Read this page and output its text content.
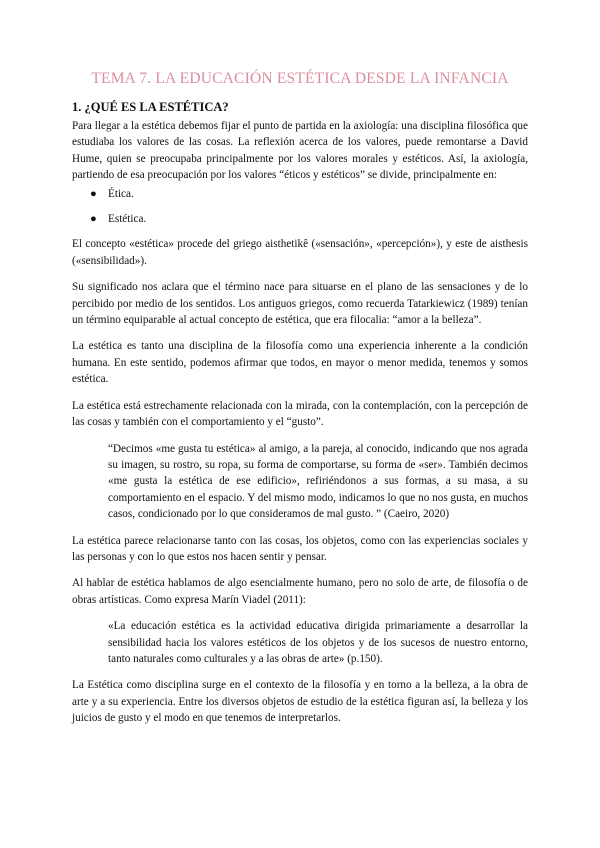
TEMA 7. LA EDUCACIÓN ESTÉTICA DESDE LA INFANCIA
1. ¿QUÉ ES LA ESTÉTICA?

Para llegar a la estética debemos fijar el punto de partida en la axiología: una disciplina filosófica que estudiaba los valores de las cosas. La reflexión acerca de los valores, puede remontarse a David Hume, quien se preocupaba principalmente por los valores morales y estéticos. Así, la axiología, partiendo de esa preocupación por los valores “éticos y estéticos” se divide, principalmente en:

● Ética.
● Estética.

El concepto «estética» procede del griego aisthetikê («sensación», «percepción»), y este de aisthesis («sensibilidad»).

Su significado nos aclara que el término nace para situarse en el plano de las sensaciones y de lo percibido por medio de los sentidos. Los antiguos griegos, como recuerda Tatarkiewicz (1989) tenían un término equiparable al actual concepto de estética, que era filocalia: “amor a la belleza”.

La estética es tanto una disciplina de la filosofía como una experiencia inherente a la condición humana. En este sentido, podemos afirmar que todos, en mayor o menor medida, tenemos y somos estética.

La estética está estrechamente relacionada con la mirada, con la contemplación, con la percepción de las cosas y también con el comportamiento y el “gusto”.

“Decimos «me gusta tu estética» al amigo, a la pareja, al conocido, indicando que nos agrada su imagen, su rostro, su ropa, su forma de comportarse, su forma de «ser». También decimos «me gusta la estética de ese edificio», refiriéndonos a sus formas, a su masa, a su comportamiento en el espacio. Y del mismo modo, indicamos lo que no nos gusta, en muchos casos, condicionado por lo que consideramos de mal gusto. ” (Caeiro, 2020)

La estética parece relacionarse tanto con las cosas, los objetos, como con las experiencias sociales y las personas y con lo que estos nos hacen sentir y pensar.

Al hablar de estética hablamos de algo esencialmente humano, pero no solo de arte, de filosofía o de obras artísticas. Como expresa Marín Viadel (2011):

«La educación estética es la actividad educativa dirigida primariamente a desarrollar la sensibilidad hacia los valores estéticos de los objetos y de los sucesos de nuestro entorno, tanto naturales como culturales y a las obras de arte» (p.150).

La Estética como disciplina surge en el contexto de la filosofía y en torno a la belleza, a la obra de arte y a su experiencia. Entre los diversos objetos de estudio de la estética figuran así, la belleza y los juicios de gusto y el modo en que tenemos de interpretarlos.
